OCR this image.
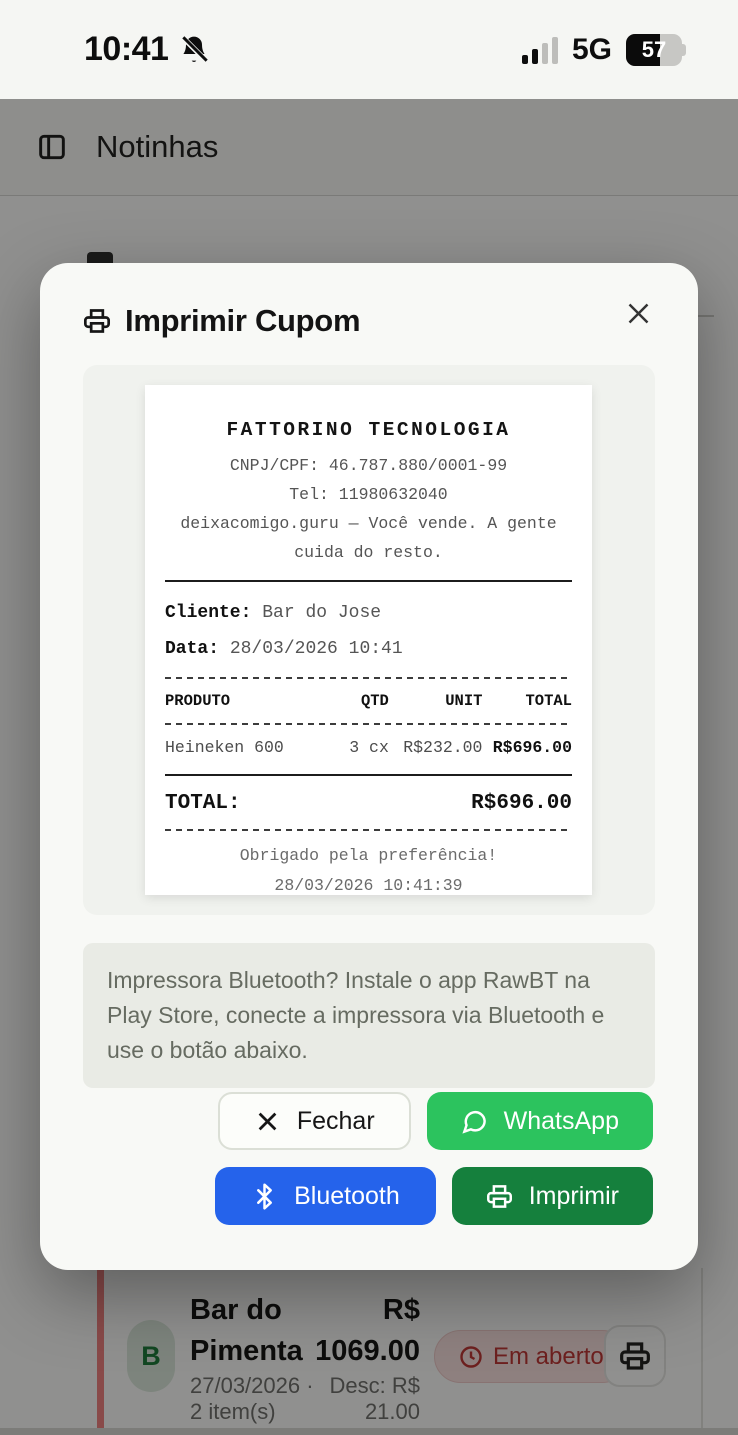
10:41	5G	57
Notinhas
B
Bar do Pimenta
27/03/2026 · 2 item(s)
R$ 1069.00
Desc: R$ 21.00
Em aberto
Imprimir Cupom
FATTORINO TECNOLOGIA
CNPJ/CPF: 46.787.880/0001-99
Tel: 11980632040
deixacomigo.guru — Você vende. A gente cuida do resto.
Cliente: Bar do Jose
Data: 28/03/2026 10:41
PRODUTO	QTD	UNIT	TOTAL
Heineken 600	3 cx R$232.00 R$696.00
TOTAL:	R$696.00
Obrigado pela preferência!
28/03/2026 10:41:39

Impressora Bluetooth? Instale o app RawBT na Play Store, conecte a impressora via Bluetooth e use o botão abaixo.

Fechar	WhatsApp
Bluetooth	Imprimir
